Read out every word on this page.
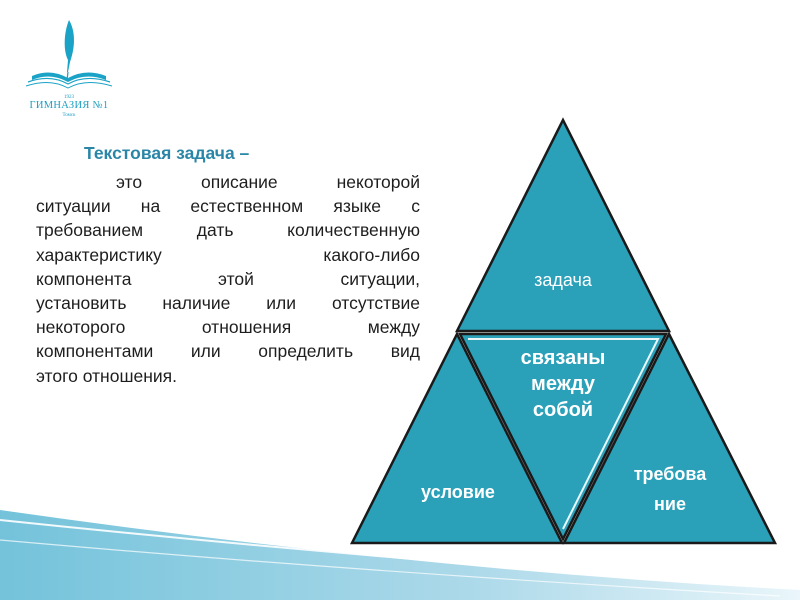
1923
ГИМНАЗИЯ №1
Томск
Текстовая задача –
это описание некоторой
ситуации на естественном языке с
требованием дать количественную
характеристику какого-либо
компонента этой ситуации,
установить наличие или отсутствие
некоторого отношения между
компонентами или определить вид
этого отношения.
задача
условие
связаны
между
собой
требова
ние
